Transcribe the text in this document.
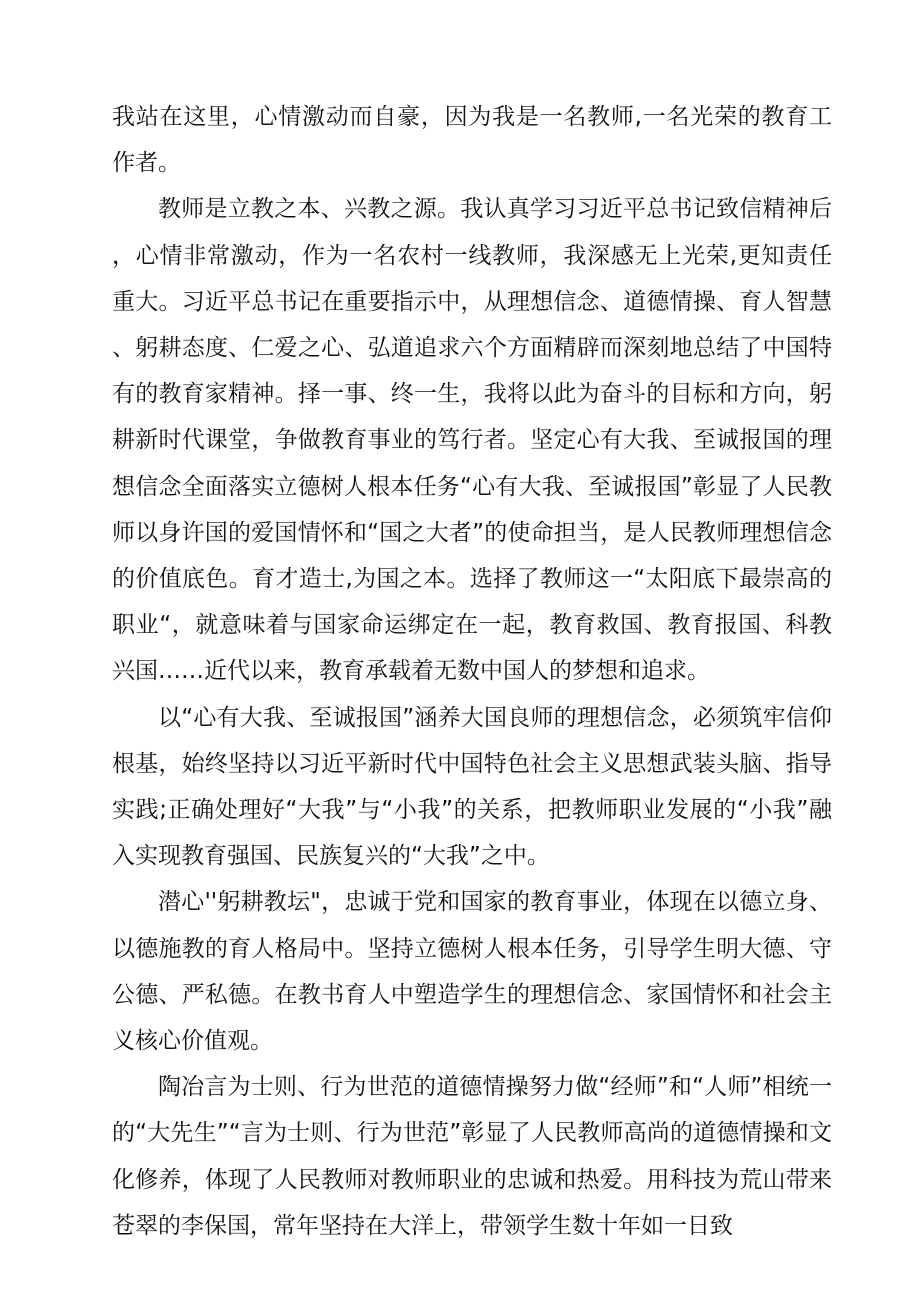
我站在这里，心情激动而自豪，因为我是一名教师,一名光荣的教育工作者。

教师是立教之本、兴教之源。我认真学习习近平总书记致信精神后，心情非常激动，作为一名农村一线教师，我深感无上光荣,更知责任重大。习近平总书记在重要指示中，从理想信念、道德情操、育人智慧、躬耕态度、仁爱之心、弘道追求六个方面精辟而深刻地总结了中国特有的教育家精神。择一事、终一生，我将以此为奋斗的目标和方向，躬耕新时代课堂，争做教育事业的笃行者。坚定心有大我、至诚报国的理想信念全面落实立德树人根本任务“心有大我、至诚报国”彰显了人民教师以身许国的爱国情怀和“国之大者”的使命担当，是人民教师理想信念的价值底色。育才造士,为国之本。选择了教师这一“太阳底下最崇高的职业“，就意味着与国家命运绑定在一起，教育救国、教育报国、科教兴国……近代以来，教育承载着无数中国人的梦想和追求。

以“心有大我、至诚报国”涵养大国良师的理想信念，必须筑牢信仰根基，始终坚持以习近平新时代中国特色社会主义思想武装头脑、指导实践;正确处理好“大我”与“小我”的关系，把教师职业发展的“小我”融入实现教育强国、民族复兴的“大我”之中。

潜心''躬耕教坛"，忠诚于党和国家的教育事业，体现在以德立身、以德施教的育人格局中。坚持立德树人根本任务，引导学生明大德、守公德、严私德。在教书育人中塑造学生的理想信念、家国情怀和社会主义核心价值观。

陶冶言为士则、行为世范的道德情操努力做“经师”和“人师”相统一的“大先生”“言为士则、行为世范”彰显了人民教师高尚的道德情操和文化修养，体现了人民教师对教师职业的忠诚和热爱。用科技为荒山带来苍翠的李保国，常年坚持在大洋上，带领学生数十年如一日致
